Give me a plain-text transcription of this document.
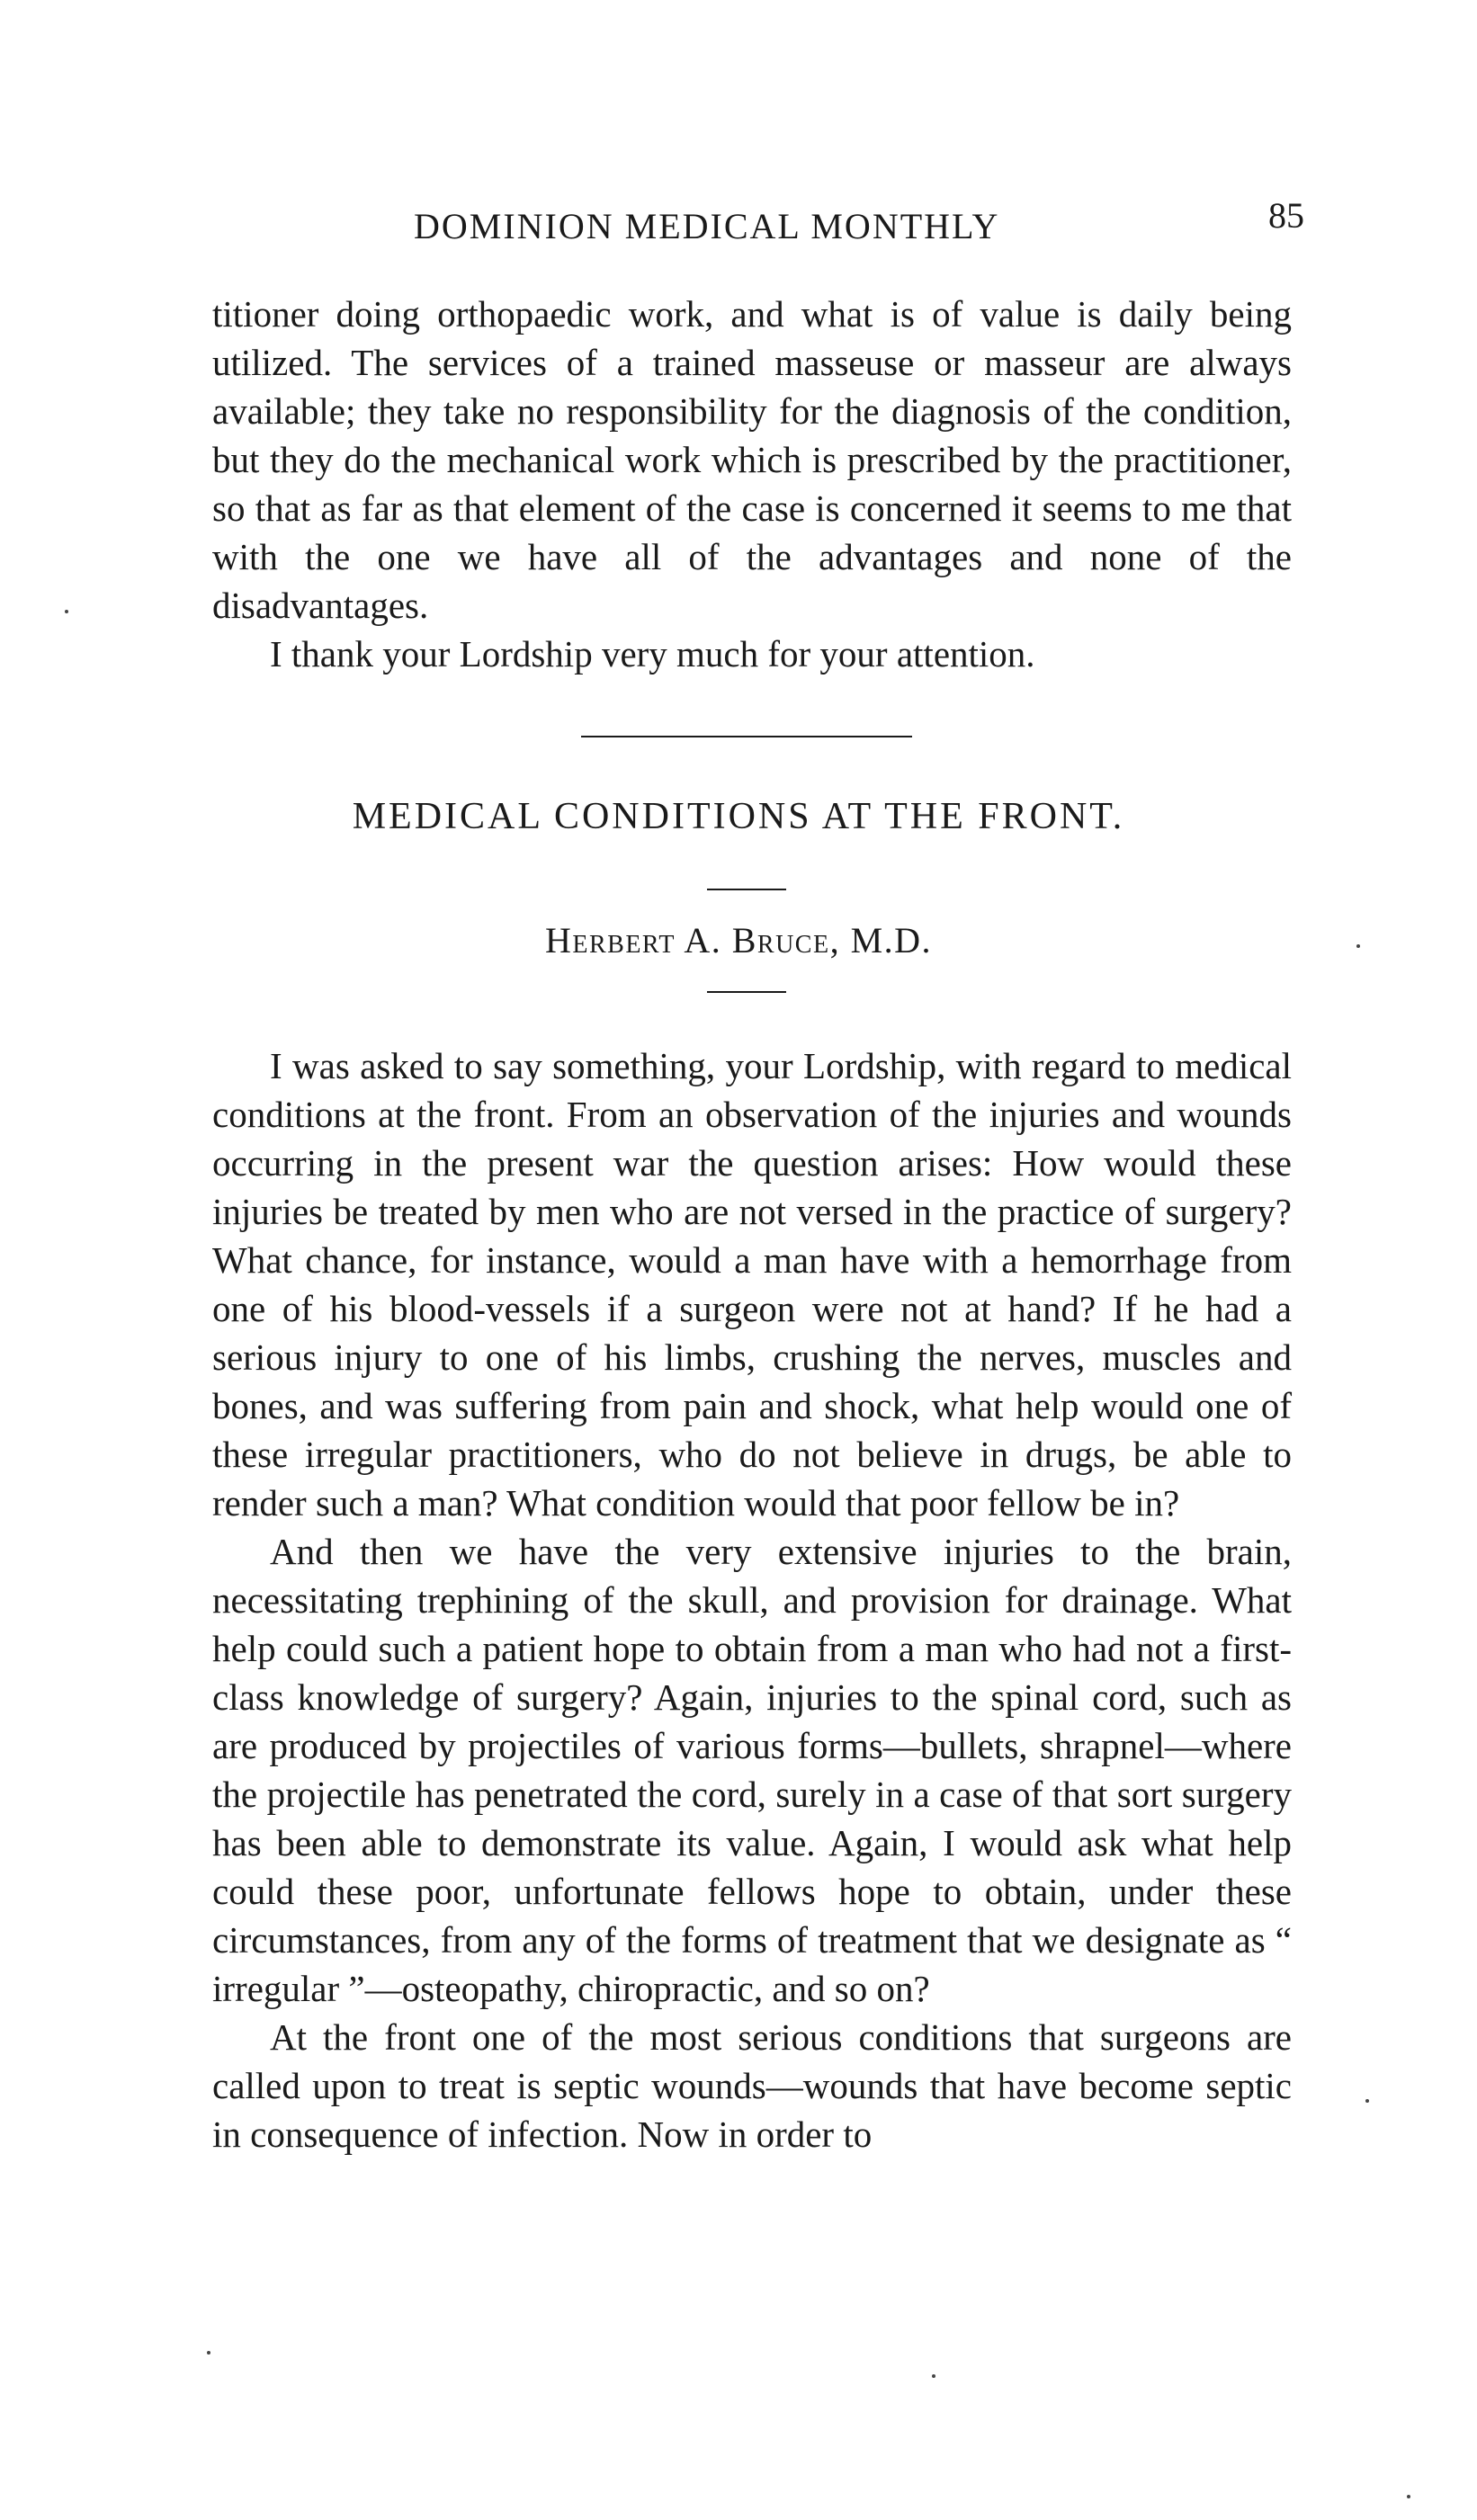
DOMINION MEDICAL MONTHLY	85

titioner doing orthopaedic work, and what is of value is daily being utilized. The services of a trained masseuse or masseur are always available; they take no responsibility for the diagnosis of the condition, but they do the mechanical work which is prescribed by the practitioner, so that as far as that element of the case is concerned it seems to me that with the one we have all of the advantages and none of the disadvantages.

I thank your Lordship very much for your attention.

MEDICAL CONDITIONS AT THE FRONT.
Herbert A. Bruce, M.D.

I was asked to say something, your Lordship, with regard to medical conditions at the front. From an observation of the injuries and wounds occurring in the present war the question arises: How would these injuries be treated by men who are not versed in the practice of surgery? What chance, for instance, would a man have with a hemorrhage from one of his blood-vessels if a surgeon were not at hand? If he had a serious injury to one of his limbs, crushing the nerves, muscles and bones, and was suffering from pain and shock, what help would one of these irregular practitioners, who do not believe in drugs, be able to render such a man? What condition would that poor fellow be in?

And then we have the very extensive injuries to the brain, necessitating trephining of the skull, and provision for drainage. What help could such a patient hope to obtain from a man who had not a first-class knowledge of surgery? Again, injuries to the spinal cord, such as are produced by projectiles of various forms—bullets, shrapnel—where the projectile has penetrated the cord, surely in a case of that sort surgery has been able to demonstrate its value. Again, I would ask what help could these poor, unfortunate fellows hope to obtain, under these circumstances, from any of the forms of treatment that we designate as “ irregular ”—osteopathy, chiropractic, and so on?

At the front one of the most serious conditions that surgeons are called upon to treat is septic wounds—wounds that have become septic in consequence of infection. Now in order to
